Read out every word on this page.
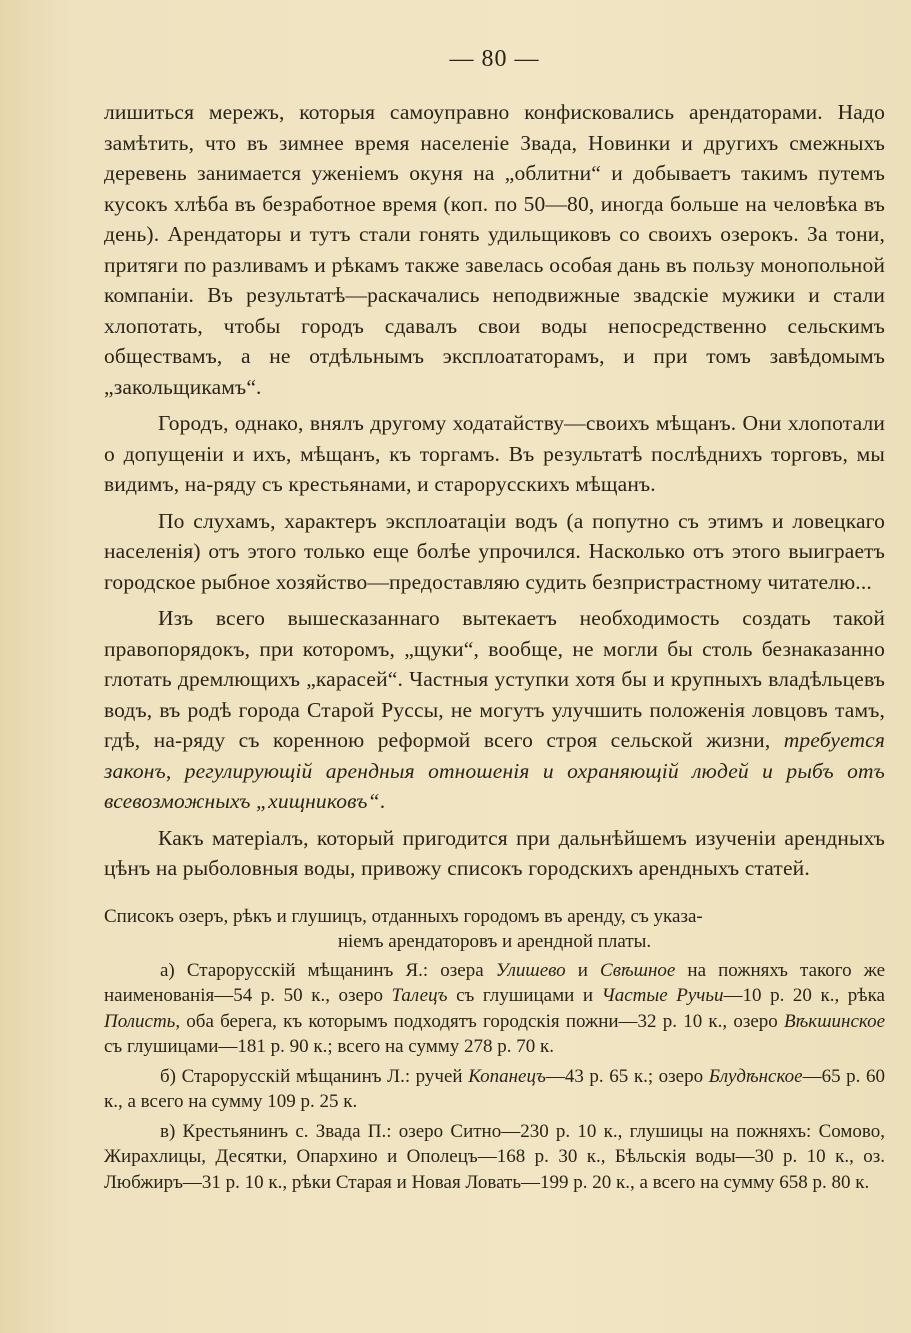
— 80 —

лишиться мережъ, которыя самоуправно конфисковались арендаторами. Надо замѣтить, что въ зимнее время населенiе Звада, Новинки и другихъ смежныхъ деревень занимается уженiемъ окуня на „облитни“ и добываетъ такимъ путемъ кусокъ хлѣба въ безработное время (коп. по 50—80, иногда больше на человѣка въ день). Арендаторы и тутъ стали гонять удильщиковъ со своихъ озерокъ. За тони, притяги по разливамъ и рѣкамъ также завелась особая дань въ пользу монопольной компанiи. Въ результатѣ—раскачались неподвижные звадскiе мужики и стали хлопотать, чтобы городъ сдавалъ свои воды непосредственно сельскимъ обществамъ, а не отдѣльнымъ эксплоататорамъ, и при томъ завѣдомымъ „закольщикамъ“.

Городъ, однако, внялъ другому ходатайству—своихъ мѣщанъ. Они хлопотали о допущенiи и ихъ, мѣщанъ, къ торгамъ. Въ результатѣ послѣднихъ торговъ, мы видимъ, на-ряду съ крестьянами, и старорусскихъ мѣщанъ.

По слухамъ, характеръ эксплоатацiи водъ (а попутно съ этимъ и ловецкаго населенiя) отъ этого только еще болѣе упрочился. Насколько отъ этого выиграетъ городское рыбное хозяйство—предоставляю судить безпристрастному читателю...

Изъ всего вышесказаннаго вытекаетъ необходимость создать такой правопорядокъ, при которомъ, „щуки“, вообще, не могли бы столь безнаказанно глотать дремлющихъ „карасей“. Частныя уступки хотя бы и крупныхъ владѣльцевъ водъ, въ родѣ города Старой Руссы, не могутъ улучшить положенiя ловцовъ тамъ, гдѣ, на-ряду съ коренною реформой всего строя сельской жизни, требуется законъ, регулирующiй арендныя отношенiя и охраняющiй людей и рыбъ отъ всевозможныхъ „хищниковъ“.

Какъ матерiалъ, который пригодится при дальнѣйшемъ изученiи арендныхъ цѣнъ на рыболовныя воды, привожу списокъ городскихъ арендныхъ статей.

Списокъ озеръ, рѣкъ и глушицъ, отданныхъ городомъ въ аренду, съ указа-
нiемъ арендаторовъ и арендной платы.

а) Старорусскiй мѣщанинъ Я.: озера Улишево и Свѣшное на пожняхъ такого же наименованiя—54 р. 50 к., озеро Талецъ съ глушицами и Частые Ручьи—10 р. 20 к., рѣка Полисть, оба берега, къ которымъ подходятъ городскiя пожни—32 р. 10 к., озеро Вѣкшинское съ глушицами—181 р. 90 к.; всего на сумму 278 р. 70 к.

б) Старорусскiй мѣщанинъ Л.: ручей Копанецъ—43 р. 65 к.; озеро Блудѣнское—65 р. 60 к., а всего на сумму 109 р. 25 к.

в) Крестьянинъ с. Звада П.: озеро Ситно—230 р. 10 к., глушицы на пожняхъ: Сомово, Жирахлицы, Десятки, Опархино и Ополецъ—168 р. 30 к., Бѣльскiя воды—30 р. 10 к., оз. Любжиръ—31 р. 10 к., рѣки Старая и Новая Ловать—199 р. 20 к., а всего на сумму 658 р. 80 к.
